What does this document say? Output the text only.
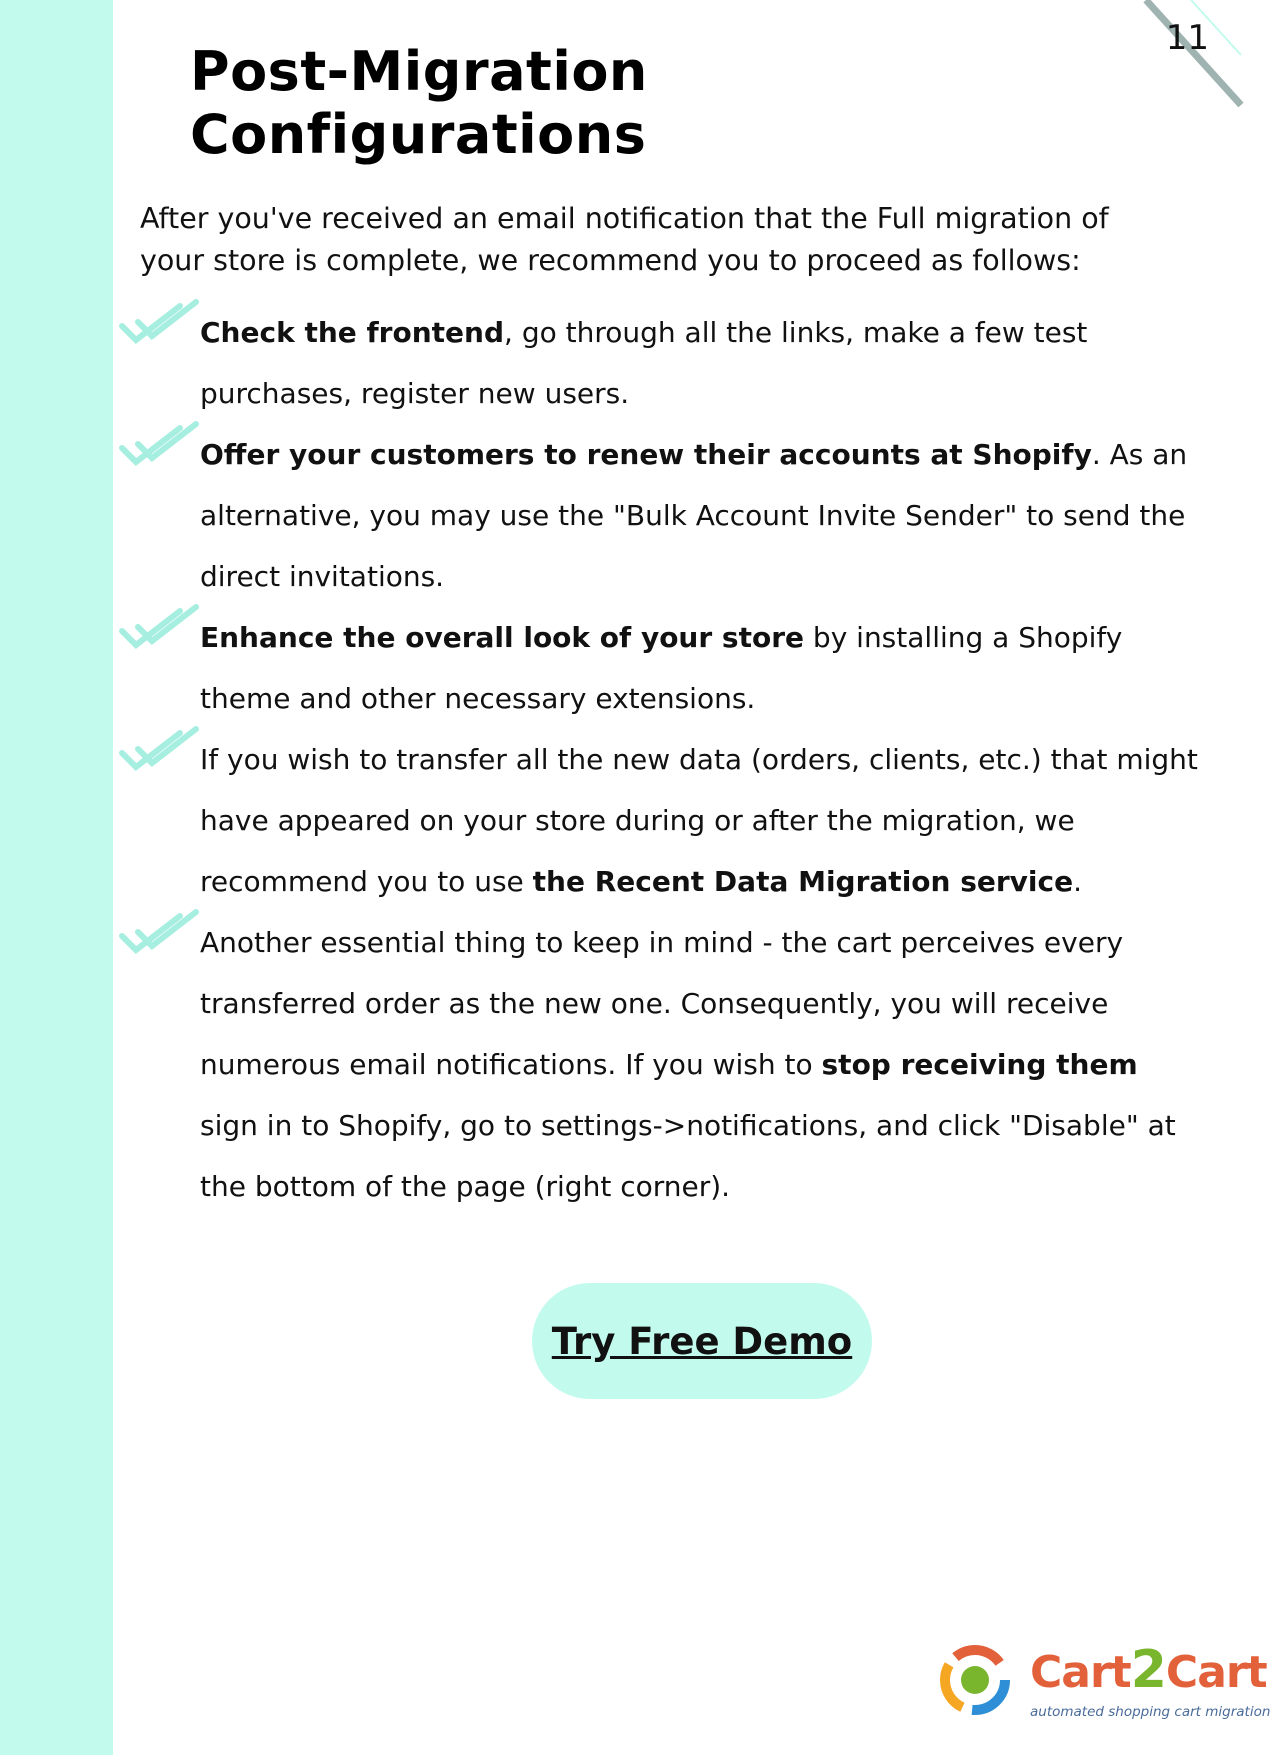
11
Post-Migration Configurations

After you've received an email notification that the Full migration of your store is complete, we recommend you to proceed as follows:

Check the frontend, go through all the links, make a few test purchases, register new users.
Offer your customers to renew their accounts at Shopify. As an alternative, you may use the "Bulk Account Invite Sender" to send the direct invitations.
Enhance the overall look of your store by installing a Shopify theme and other necessary extensions.
If you wish to transfer all the new data (orders, clients, etc.) that might have appeared on your store during or after the migration, we recommend you to use the Recent Data Migration service.
Another essential thing to keep in mind - the cart perceives every transferred order as the new one. Consequently, you will receive numerous email notifications. If you wish to stop receiving them sign in to Shopify, go to settings->notifications, and click "Disable" at the bottom of the page (right corner).
Try Free Demo
Cart2Cart
automated shopping cart migration
